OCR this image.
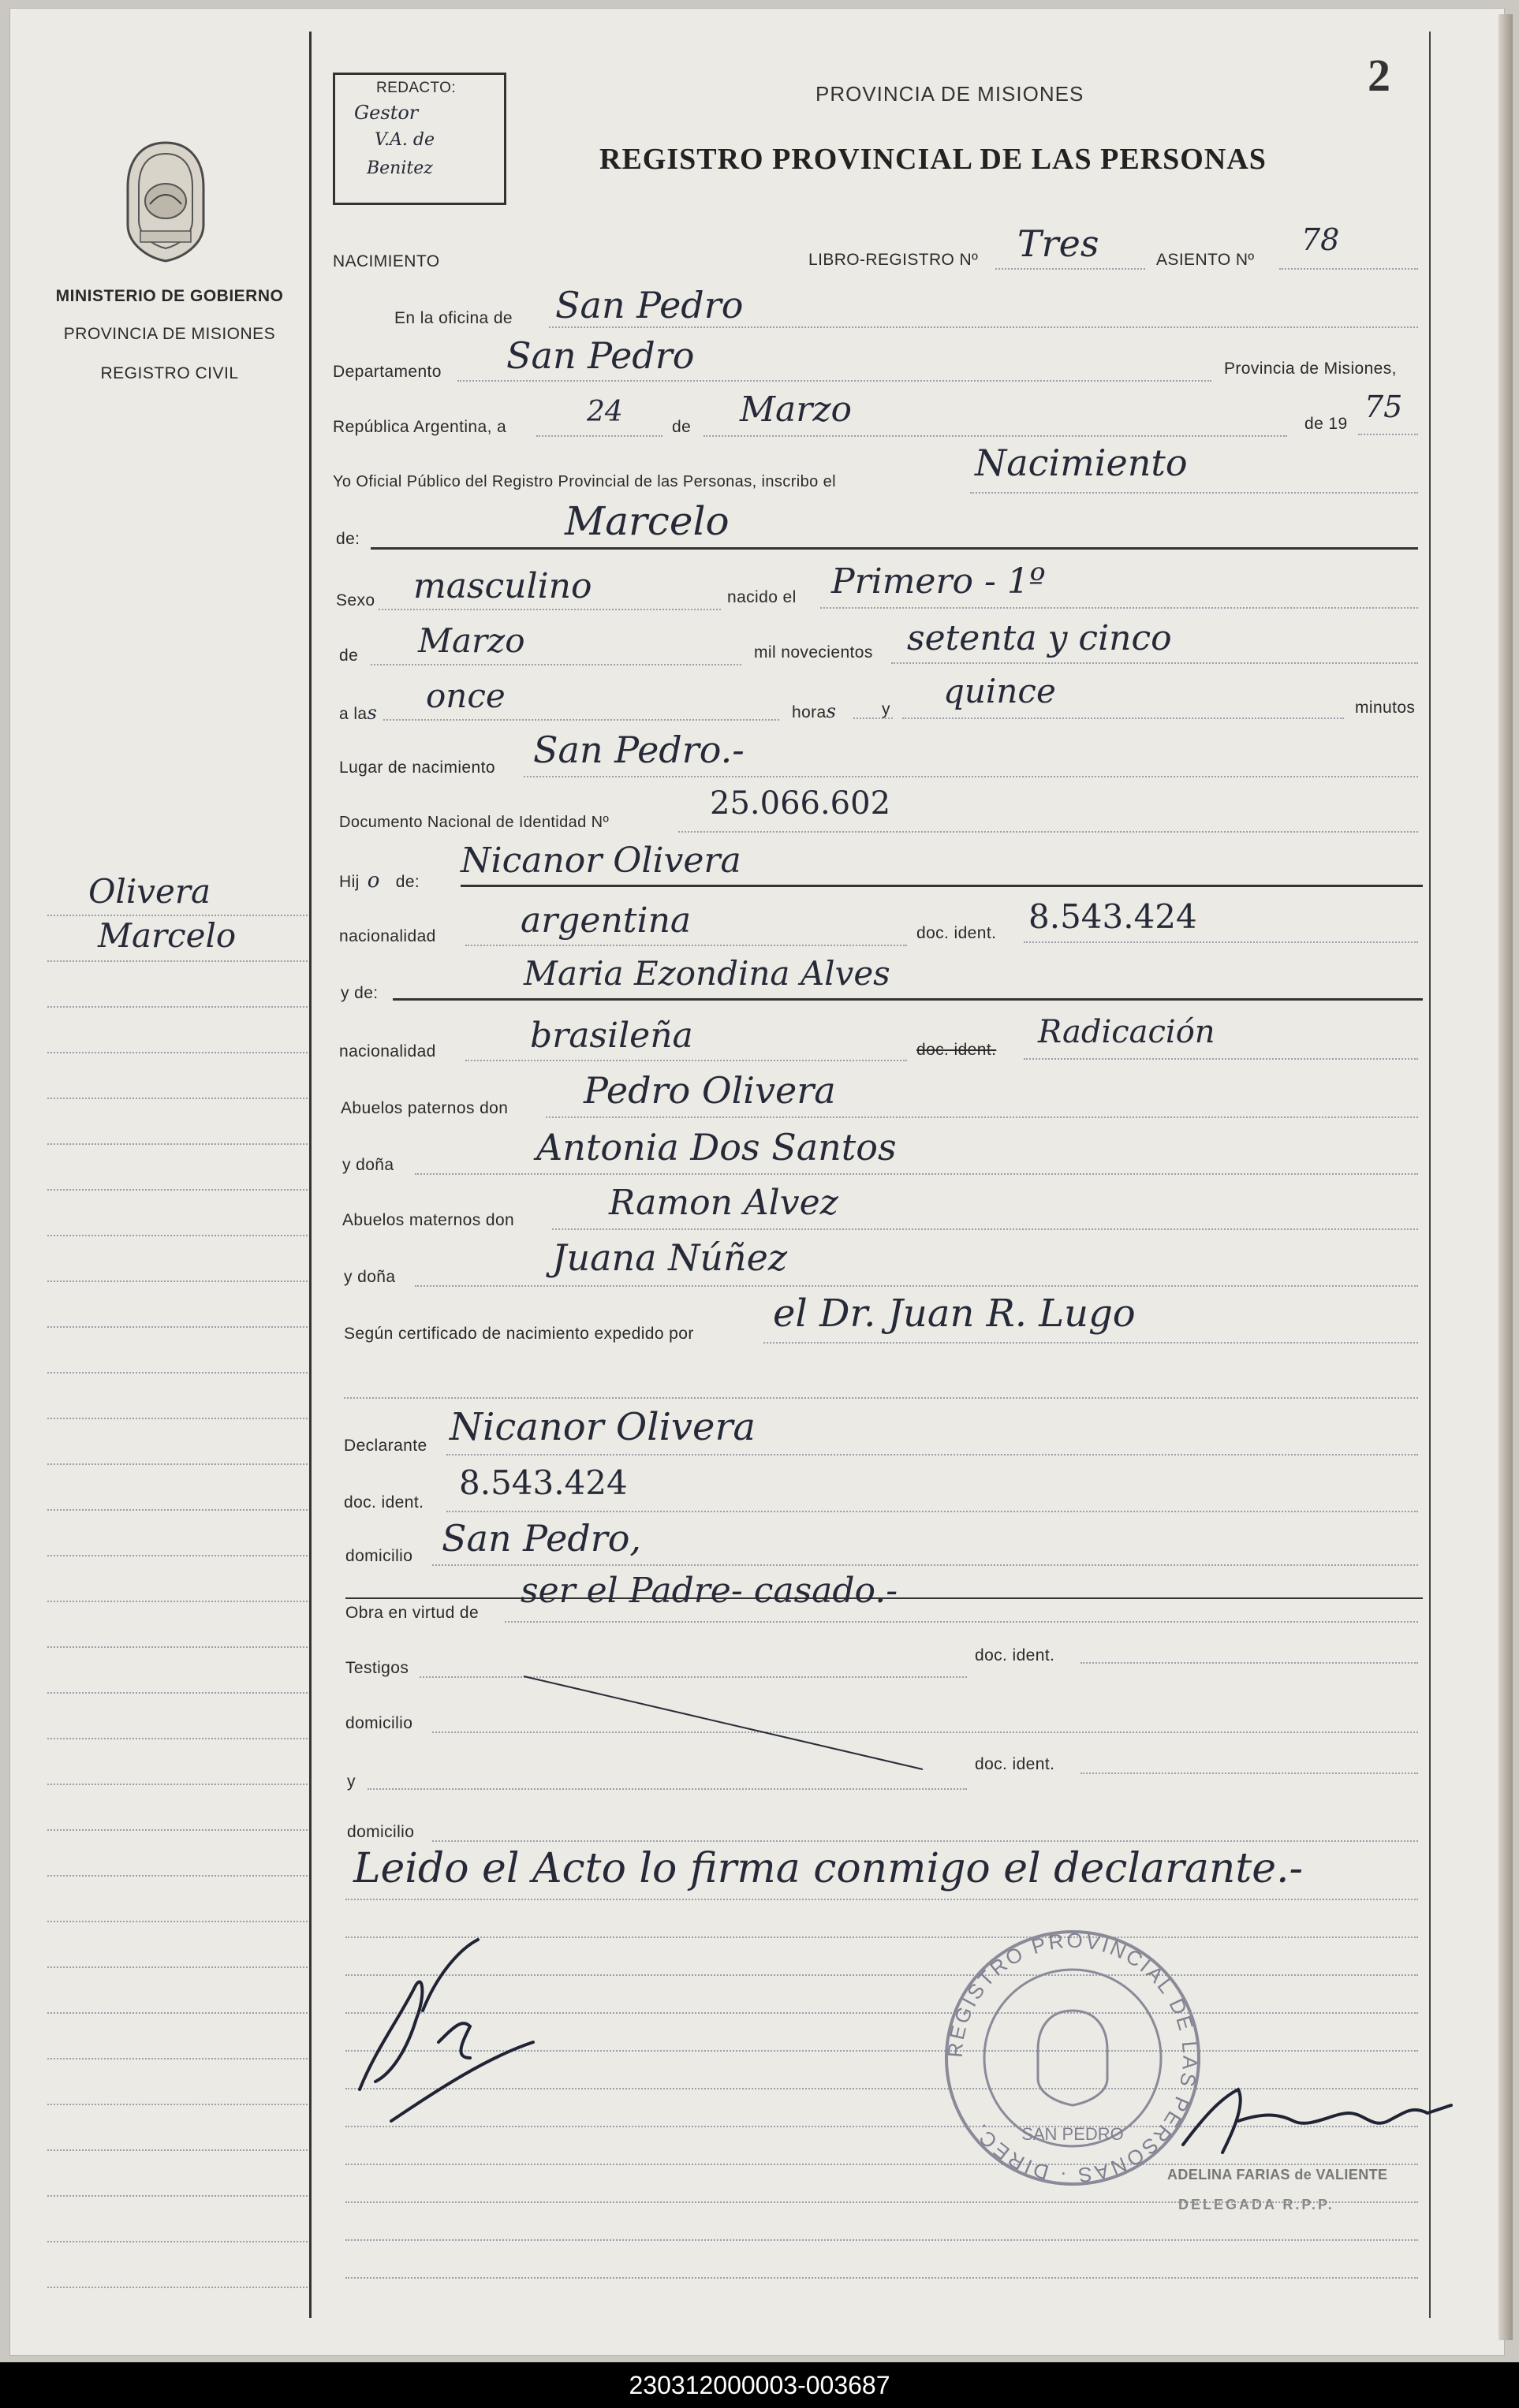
MINISTERIO DE GOBIERNO
PROVINCIA DE MISIONES
REGISTRO CIVIL
REDACTO:
Gestor
V.A. de
Benitez
PROVINCIA DE MISIONES
REGISTRO PROVINCIAL DE LAS PERSONAS
2
NACIMIENTO	LIBRO-REGISTRO Nº Tres	ASIENTO Nº
78
En la oficina de San Pedro
Departamento San Pedro	Provincia de Misiones,
República Argentina, a	24	de Marzo	de 19 75
Yo Oficial Público del Registro Provincial de las Personas, inscribo el	Nacimiento
de:	Marcelo
Sexo masculino	nacido el Primero - 1º
de Marzo	mil novecientos setenta y cinco
a las once	horas	y quince	minutos
Lugar de nacimiento San Pedro.-
Documento Nacional de Identidad Nº
25.066.602
Hij o de:
Nicanor Olivera
Olivera
Marcelo	nacionalidad argentina	doc. ident. 8.543.424
y de:
Maria Ezondina Alves
nacionalidad	brasileña	doc. ident. Radicación
Abuelos paternos don Pedro Olivera
y doña	Antonia Dos Santos
Abuelos maternos don	Ramon Alvez
y doña	Juana Núñez
Según certificado de nacimiento expedido por el Dr. Juan R. Lugo
Declarante Nicanor Olivera
doc. ident.
8.543.424
domicilio San Pedro,
Obra en virtud de
ser el Padre- casado.-
Testigos
doc. ident.
domicilio
y
doc. ident.
domicilio
Leido el Acto lo firma conmigo el declarante.-
REGISTRO PROVINCIAL DE LAS PERSONAS · DIREC.	SAN PEDRO
ADELINA FARIAS de VALIENTE
DELEGADA R.P.P.
230312000003-003687
